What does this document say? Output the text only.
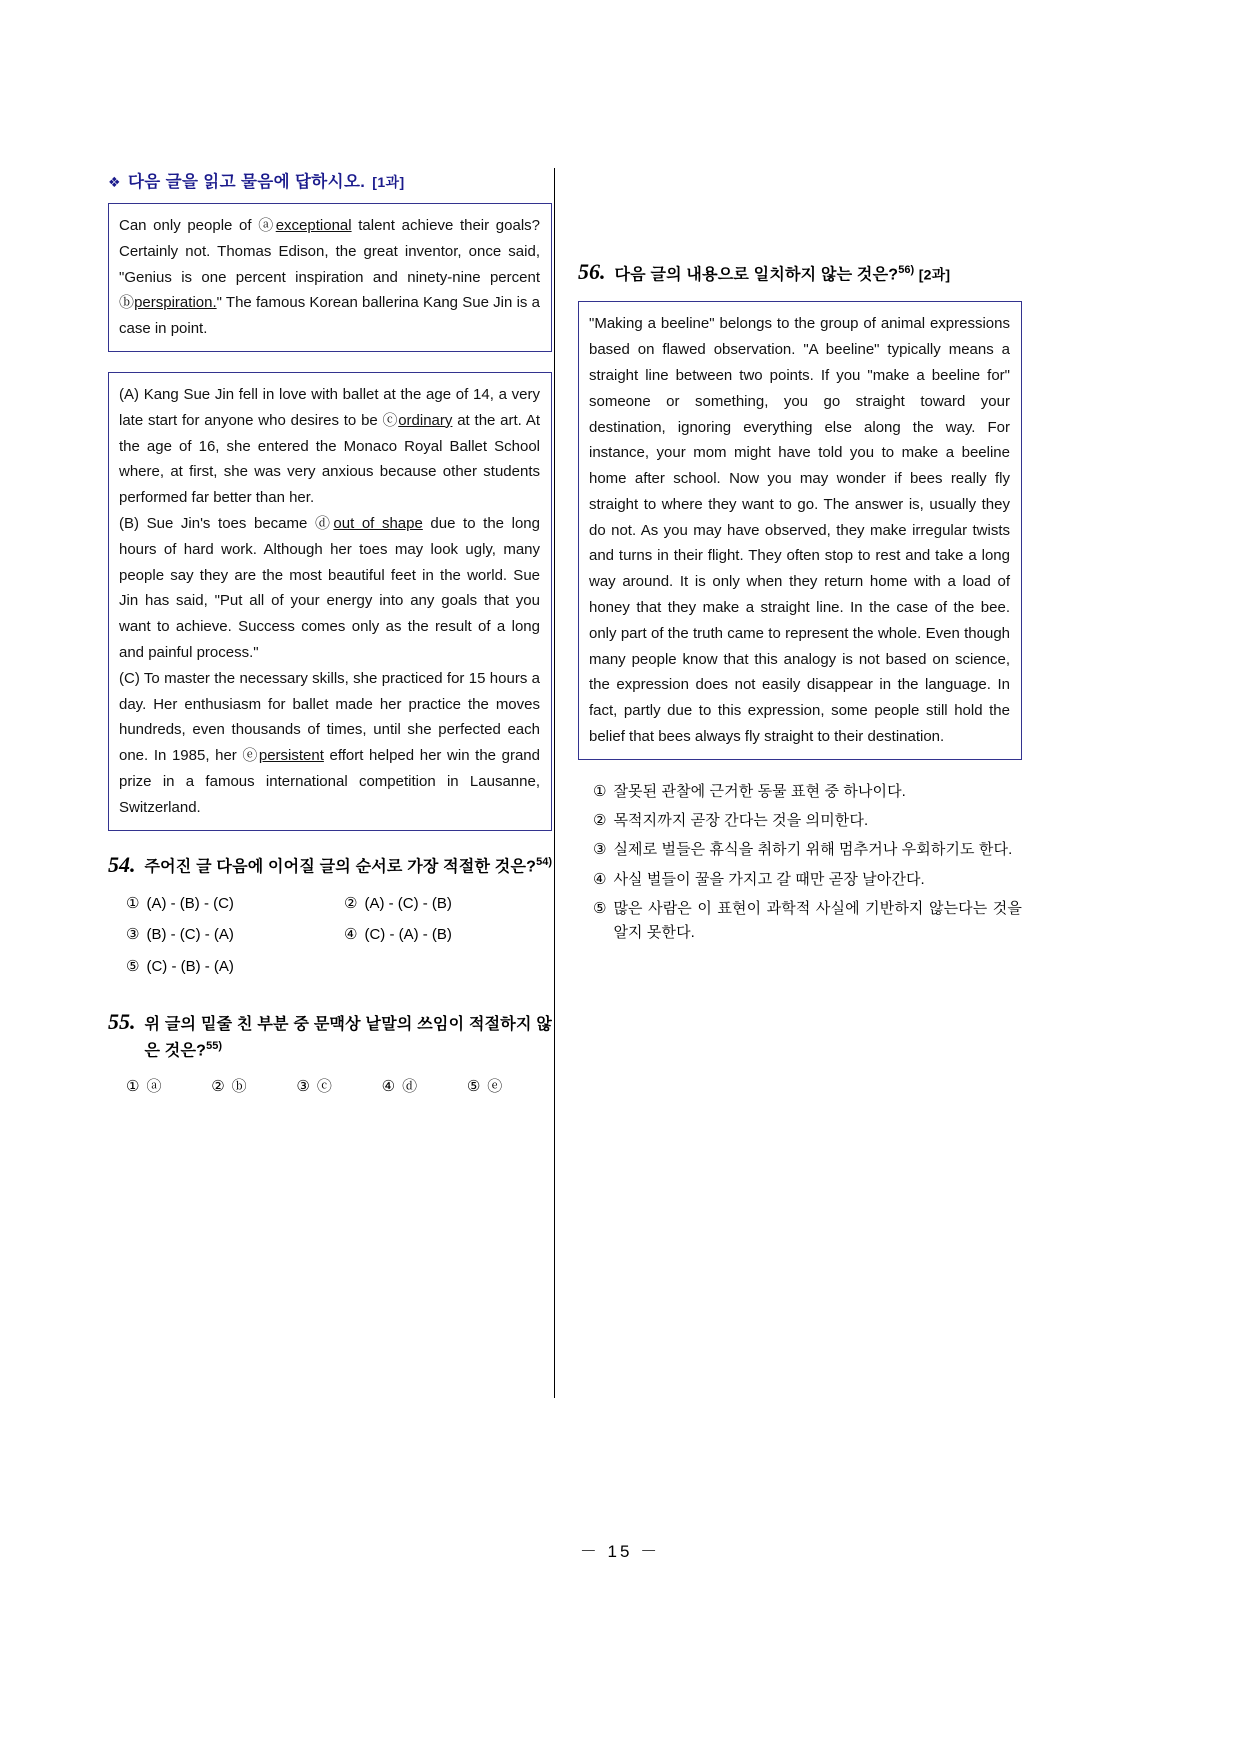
❖ 다음 글을 읽고 물음에 답하시오. [1과]

Can only people of ⓐexceptional talent achieve their goals? Certainly not. Thomas Edison, the great inventor, once said, "Genius is one percent inspiration and ninety-nine percent ⓑperspiration." The famous Korean ballerina Kang Sue Jin is a case in point.

(A) Kang Sue Jin fell in love with ballet at the age of 14, a very late start for anyone who desires to be ⓒordinary at the art. At the age of 16, she entered the Monaco Royal Ballet School where, at first, she was very anxious because other students performed far better than her.

(B) Sue Jin's toes became ⓓout of shape due to the long hours of hard work. Although her toes may look ugly, many people say they are the most beautiful feet in the world. Sue Jin has said, "Put all of your energy into any goals that you want to achieve. Success comes only as the result of a long and painful process."

(C) To master the necessary skills, she practiced for 15 hours a day. Her enthusiasm for ballet made her practice the moves hundreds, even thousands of times, until she perfected each one. In 1985, her ⓔpersistent effort helped her win the grand prize in a famous international competition in Lausanne, Switzerland.

54. 주어진 글 다음에 이어질 글의 순서로 가장 적절한 것은?$^{54)}$
① (A) - (B) - (C)	② (A) - (C) - (B)
③ (B) - (C) - (A)	④ (C) - (A) - (B)
⑤ (C) - (B) - (A)
55. 위 글의 밑줄 친 부분 중 문맥상 낱말의 쓰임이 적절하지 않은 것은?$^{55)}$
① ⓐ	② ⓑ	③ ⓒ	④ ⓓ	⑤ ⓔ
56. 다음 글의 내용으로 일치하지 않는 것은?$^{56)}$ [2과]

"Making a beeline" belongs to the group of animal expressions based on flawed observation. "A beeline" typically means a straight line between two points. If you "make a beeline for" someone or something, you go straight toward your destination, ignoring everything else along the way. For instance, your mom might have told you to make a beeline home after school. Now you may wonder if bees really fly straight to where they want to go. The answer is, usually they do not. As you may have observed, they make irregular twists and turns in their flight. They often stop to rest and take a long way around. It is only when they return home with a load of honey that they make a straight line. In the case of the bee. only part of the truth came to represent the whole. Even though many people know that this analogy is not based on science, the expression does not easily disappear in the language. In fact, partly due to this expression, some people still hold the belief that bees always fly straight to their destination.

① 잘못된 관찰에 근거한 동물 표현 중 하나이다.
② 목적지까지 곧장 간다는 것을 의미한다.
③ 실제로 벌들은 휴식을 취하기 위해 멈추거나 우회하기도 한다.
④ 사실 벌들이 꿀을 가지고 갈 때만 곧장 날아간다.
⑤ 많은 사람은 이 표현이 과학적 사실에 기반하지 않는다는 것을 알지 못한다.
－ 15 －
